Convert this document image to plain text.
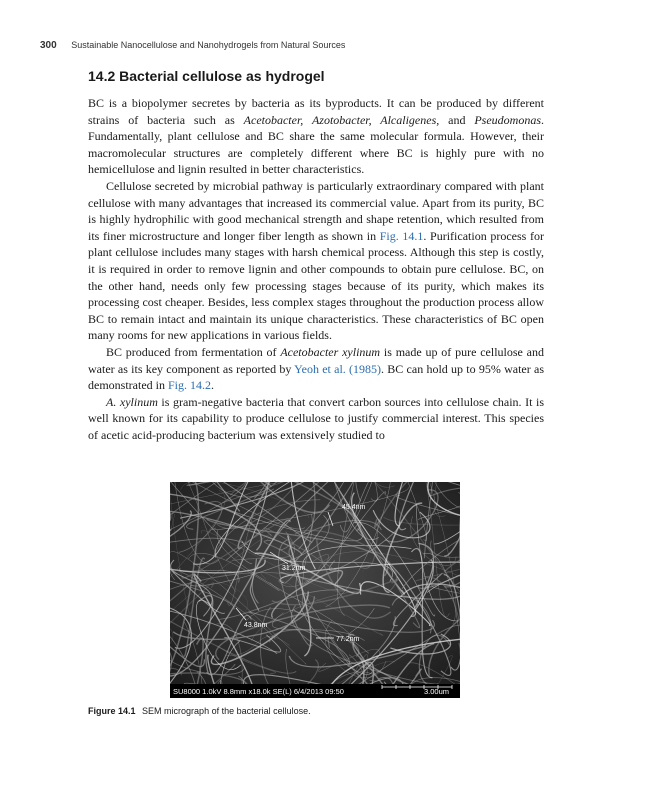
300 Sustainable Nanocellulose and Nanohydrogels from Natural Sources
14.2 Bacterial cellulose as hydrogel

BC is a biopolymer secretes by bacteria as its byproducts. It can be produced by different strains of bacteria such as Acetobacter, Azotobacter, Alcaligenes, and Pseudomonas. Fundamentally, plant cellulose and BC share the same molecular formula. However, their macromolecular structures are completely different where BC is highly pure with no hemicellulose and lignin resulted in better characteristics.

Cellulose secreted by microbial pathway is particularly extraordinary compared with plant cellulose with many advantages that increased its commercial value. Apart from its purity, BC is highly hydrophilic with good mechanical strength and shape retention, which resulted from its finer microstructure and longer fiber length as shown in Fig. 14.1. Purification process for plant cellulose includes many stages with harsh chemical process. Although this step is costly, it is required in order to remove lignin and other compounds to obtain pure cellulose. BC, on the other hand, needs only few processing stages because of its purity, which makes its processing cost cheaper. Besides, less complex stages throughout the production process allow BC to remain intact and maintain its unique characteristics. These characteristics of BC open many rooms for new applications in various fields.

BC produced from fermentation of Acetobacter xylinum is made up of pure cellulose and water as its key component as reported by Yeoh et al. (1985). BC can hold up to 95% water as demonstrated in Fig. 14.2.

A. xylinum is gram-negative bacteria that convert carbon sources into cellulose chain. It is well known for its capability to produce cellulose to justify commercial interest. This species of acetic acid-producing bacterium was extensively studied to

45.4nm
31.2nm
43.8nm
77.2nm
SU8000 1.0kV 8.8mm x18.0k SE(L) 6/4/2013 09:50	3.00um
Figure 14.1 SEM micrograph of the bacterial cellulose.
